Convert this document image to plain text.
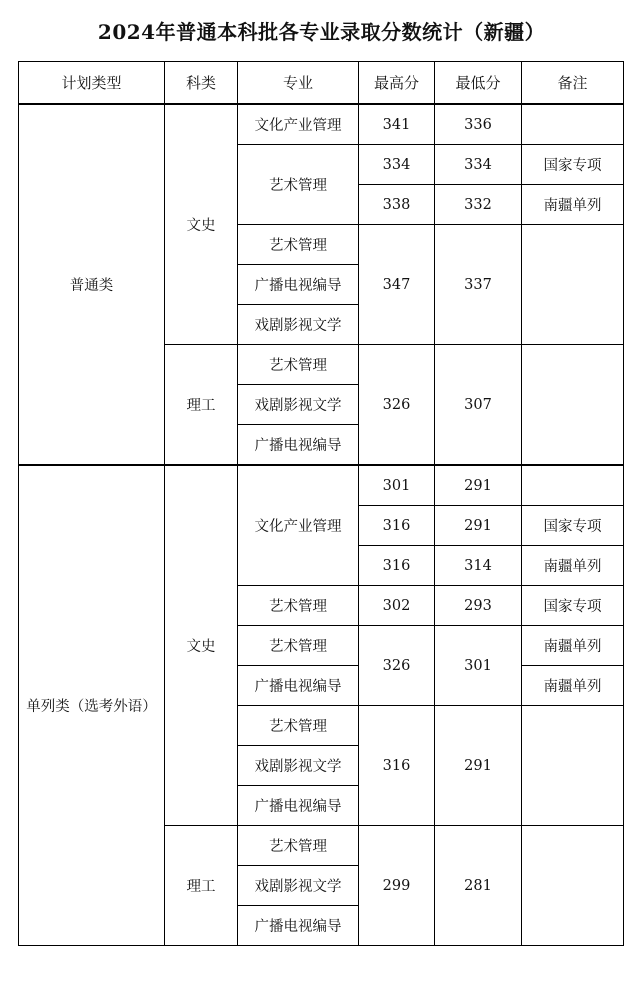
2024年普通本科批各专业录取分数统计（新疆）
计划类型	科类	专业	最高分	最低分	备注
普通类	文史	文化产业管理	341	336	
		艺术管理	334	334	国家专项
			338	332	南疆单列
		艺术管理	347	337	
		广播电视编导			
		戏剧影视文学			
	理工	艺术管理	326	307	
		戏剧影视文学			
		广播电视编导			
单列类（选考外语）	文史	文化产业管理	301	291	
			316	291	国家专项
			316	314	南疆单列
		艺术管理	302	293	国家专项
		艺术管理	326	301	南疆单列
		广播电视编导			南疆单列
		艺术管理	316	291	
		戏剧影视文学			
		广播电视编导			
	理工	艺术管理	299	281	
		戏剧影视文学			
		广播电视编导			
